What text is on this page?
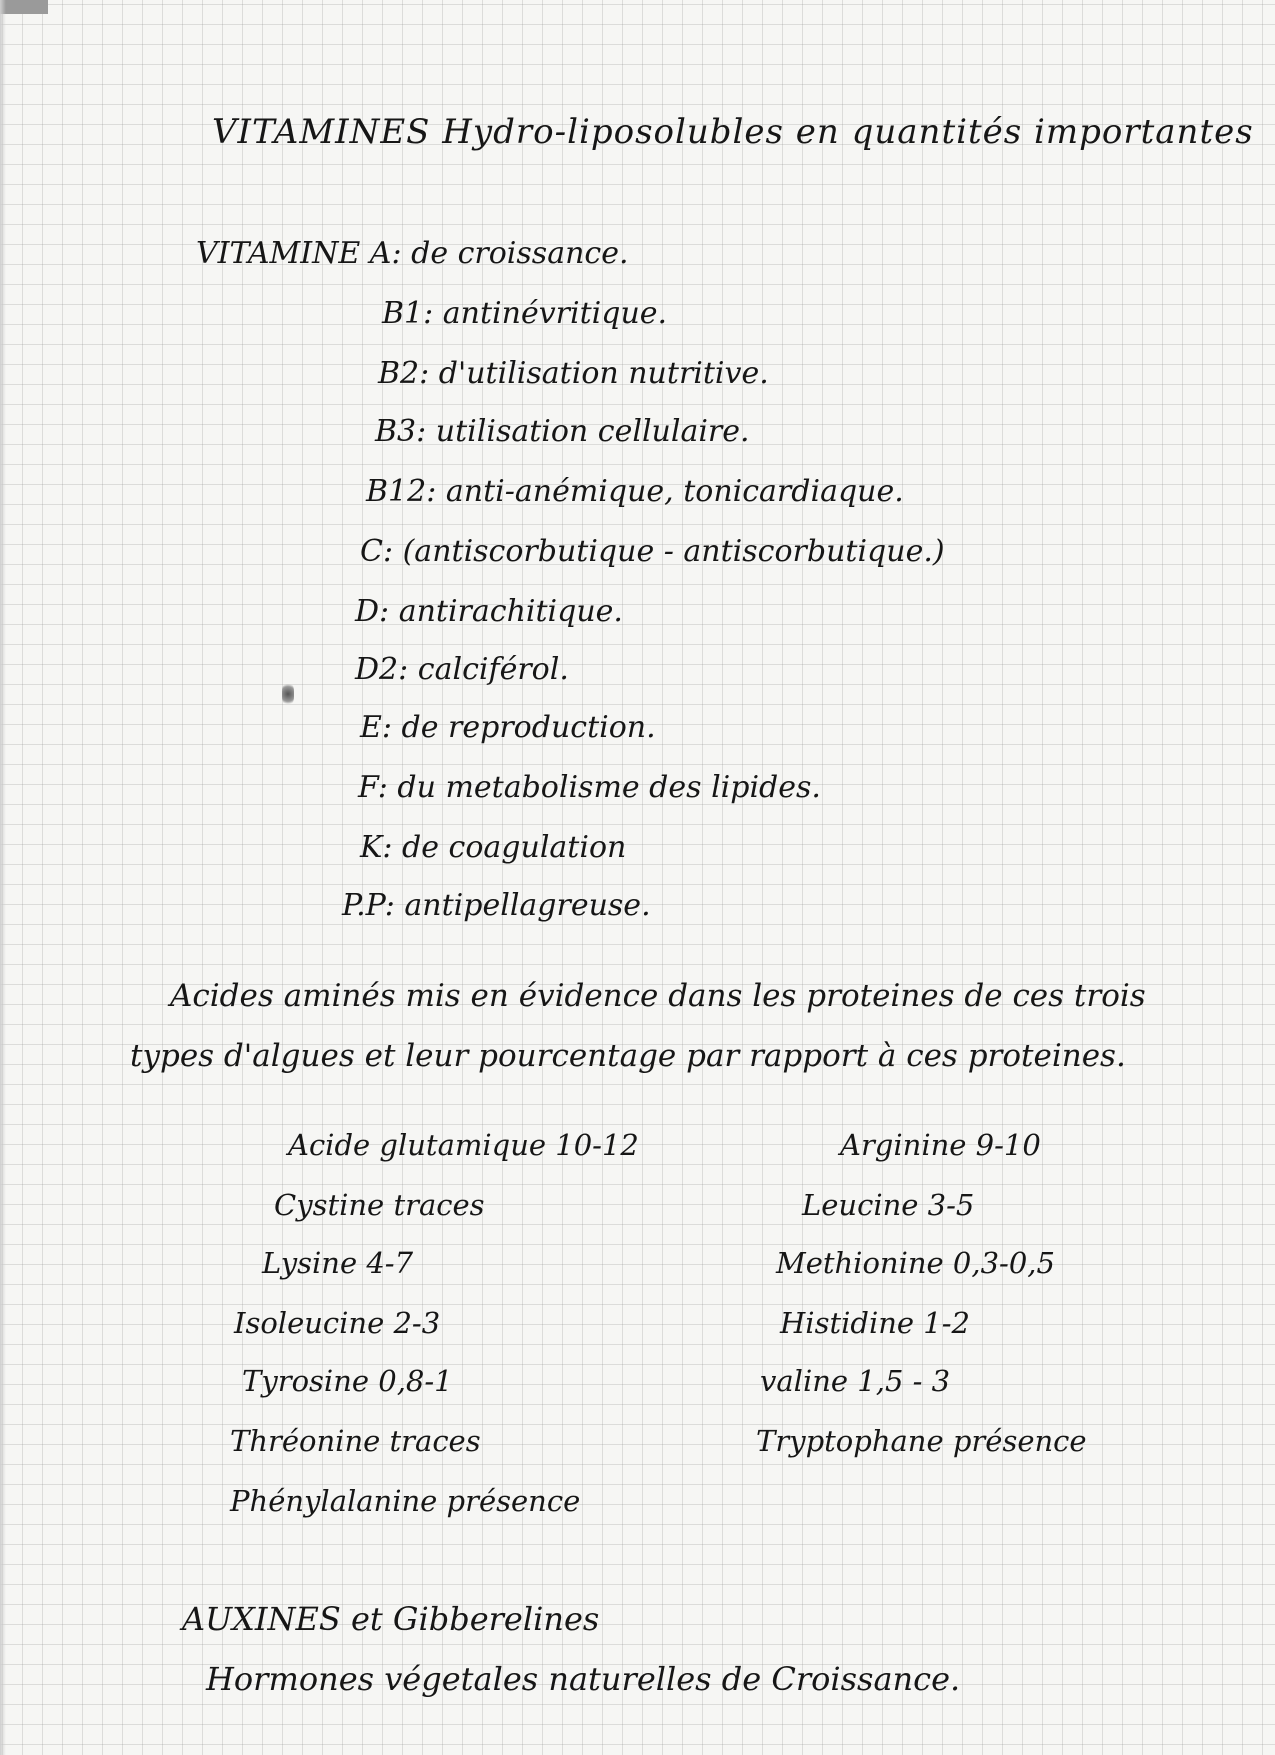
VITAMINES Hydro-liposolubles en quantités importantes
VITAMINE A: de croissance.
B1: antinévritique.
B2: d'utilisation nutritive.
B3: utilisation cellulaire.
B12: anti-anémique, tonicardiaque.
C: (antiscorbutique - antiscorbutique.)
D: antirachitique.
D2: calciférol.
E: de reproduction.
F: du metabolisme des lipides.
K: de coagulation
P.P: antipellagreuse.
Acides aminés mis en évidence dans les proteines de ces trois
types d'algues et leur pourcentage par rapport à ces proteines.
Acide glutamique 10-12
Cystine traces
Lysine 4-7
Isoleucine 2-3
Tyrosine 0,8-1
Thréonine traces
Phénylalanine présence
Arginine 9-10
Leucine 3-5
Methionine 0,3-0,5
Histidine 1-2
valine 1,5 - 3
Tryptophane présence
AUXINES et Gibberelines
Hormones végetales naturelles de Croissance.
